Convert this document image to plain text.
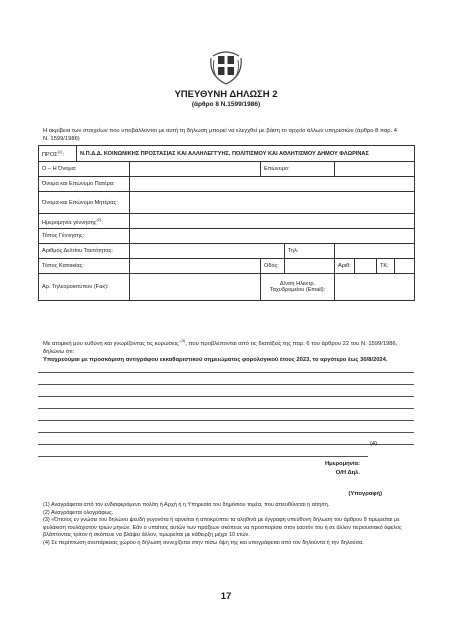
ΥΠΕΥΘΥΝΗ ΔΗΛΩΣΗ 2
(άρθρο 8 Ν.1599/1986)
Η ακρίβεια των στοιχείων που υποβάλλονται με αυτή τη δήλωση μπορεί να ελεγχθεί με βάση το αρχείο άλλων υπηρεσιών (άρθρο 8 παρ. 4 Ν. 1599/1986)
ΠΡΟΣ$^{(1)}$:	Ν.Π.Δ.Δ. ΚΟΙΝΩΝΙΚΗΣ ΠΡΟΣΤΑΣΙΑΣ ΚΑΙ ΑΛΛΗΛΕΓΓΥΗΣ, ΠΟΛΙΤΙΣΜΟΥ ΚΑΙ ΑΘΛΗΤΙΣΜΟΥ ΔΗΜΟΥ ΦΛΩΡΙΝΑΣ							
Ο – Η Όνομα:			Επώνυμο:					
Όνομα και Επώνυμο Πατέρα:								
Όνομα και Επώνυμο Μητέρας:								
Ημερομηνία γέννησης$^{(2)}$:								
Τόπος Γέννησης:								
Αριθμός Δελτίου Ταυτότητας:				Τηλ:				
Τόπος Κατοικίας:			Οδός:		Αριθ:		ΤΚ:	
Αρ. Τηλεομοιοτύπου (Fax):			Δ/νση Ηλεκτρ. Ταχυδρομείου (Email):					
Με ατομική μου ευθύνη και γνωρίζοντας τις κυρώσεις $^{(3)}$, που προβλέπονται από τις διατάξεις της παρ. 6 του άρθρου 22 του Ν. 1599/1986, δηλώνω ότι:
Υποχρεούμαι με προσκόμιση αντιγράφου εκκαθαριστικού σημειώματος φορολογικού έτους 2023, το αργότερο έως 30/8/2024.
(4)
Ημερομηνία:
Ο/Η Δηλ.
(Υπογραφή)

(1) Αναγράφεται από τον ενδιαφερόμενο πολίτη ή Αρχή ή η Υπηρεσία του δημόσιου τομέα, που απευθύνεται η αίτηση.

(2) Αναγράφεται ολογράφως.

(3) «Όποιος εν γνώσει του δηλώνει ψευδή γεγονότα ή αρνείται ή αποκρύπτει τα αληθινά με έγγραφη υπεύθυνη δήλωση του άρθρου 8 τιμωρείται με φυλάκιση τουλάχιστον τριών μηνών. Εάν ο υπαίτιος αυτών των πράξεων σκόπευε να προσπορίσει στον εαυτόν του ή σε άλλον περιουσιακό όφελος βλάπτοντας τρίτον ή σκόπευε να βλάψει άλλον, τιμωρείται με κάθειρξη μέχρι 10 ετών.

(4) Σε περίπτωση ανεπάρκειας χώρου η δήλωση συνεχίζεται στην πίσω όψη της και υπογράφεται από τον δηλούντα ή την δηλούσα.

17
